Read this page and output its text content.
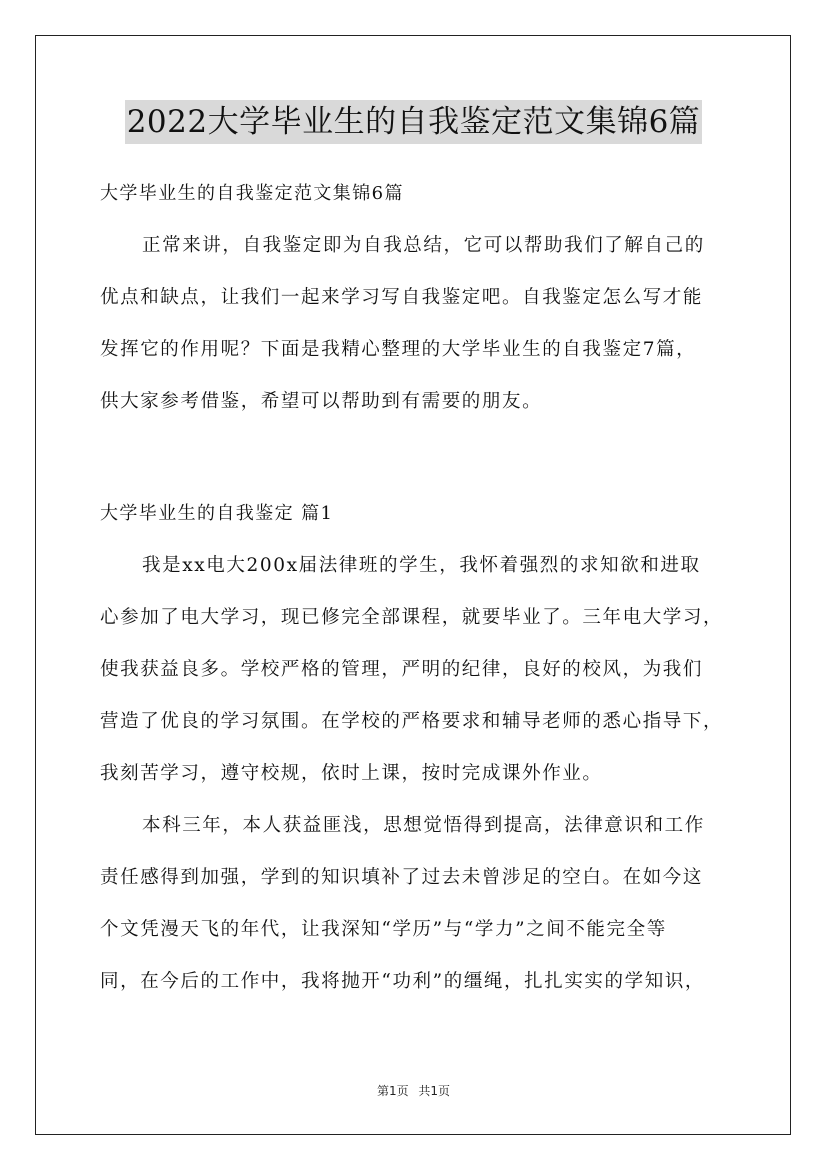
2022大学毕业生的自我鉴定范文集锦6篇
大学毕业生的自我鉴定范文集锦6篇
正常来讲，自我鉴定即为自我总结，它可以帮助我们了解自己的
优点和缺点，让我们一起来学习写自我鉴定吧。自我鉴定怎么写才能
发挥它的作用呢？下面是我精心整理的大学毕业生的自我鉴定7篇，
供大家参考借鉴，希望可以帮助到有需要的朋友。
大学毕业生的自我鉴定 篇1
我是xx电大200x届法律班的学生，我怀着强烈的求知欲和进取
心参加了电大学习，现已修完全部课程，就要毕业了。三年电大学习，
使我获益良多。学校严格的管理，严明的纪律，良好的校风，为我们
营造了优良的学习氛围。在学校的严格要求和辅导老师的悉心指导下，
我刻苦学习，遵守校规，依时上课，按时完成课外作业。
本科三年，本人获益匪浅，思想觉悟得到提高，法律意识和工作
责任感得到加强，学到的知识填补了过去未曾涉足的空白。在如今这
个文凭漫天飞的年代，让我深知“学历”与“学力”之间不能完全等
同，在今后的工作中，我将抛开“功利”的缰绳，扎扎实实的学知识，
第1页 共1页
